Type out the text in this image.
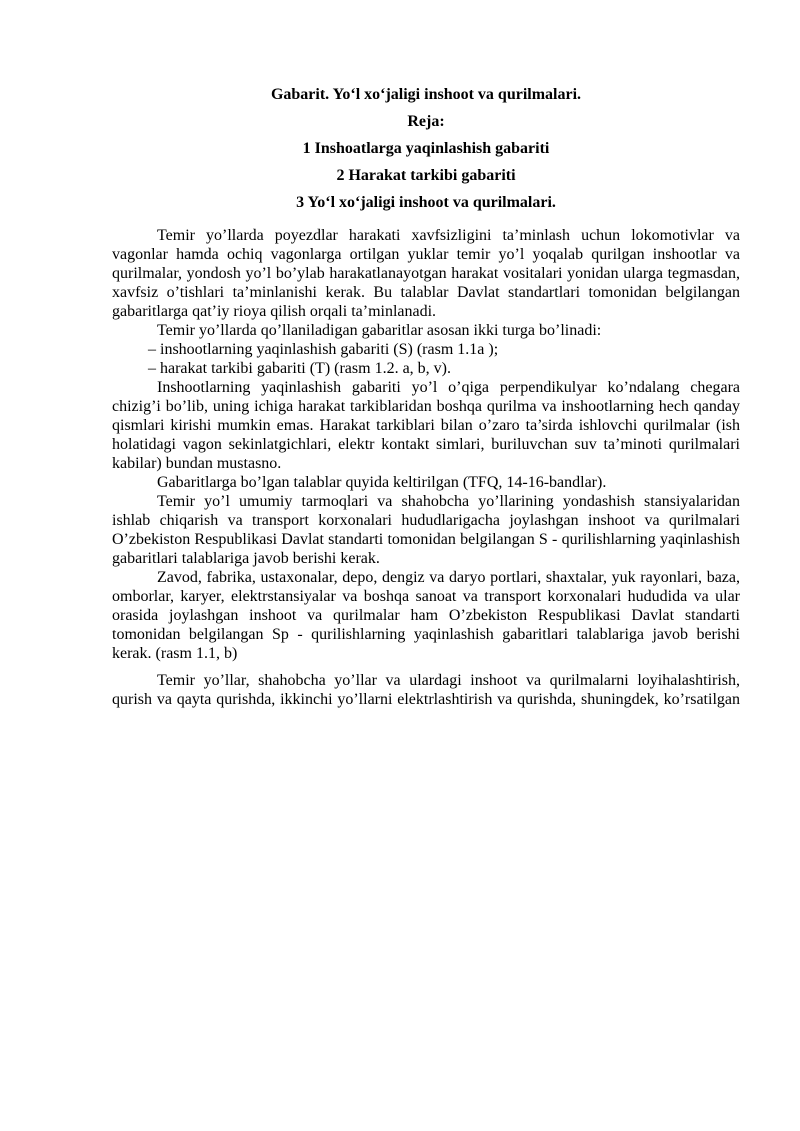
Gabarit. Yoʻl xoʻjaligi inshoot va qurilmalari.

Reja:

1 Inshoatlarga yaqinlashish gabariti

2 Harakat tarkibi gabariti

3 Yoʻl xoʻjaligi inshoot va qurilmalari.

Temir yo’llarda poyezdlar harakati xavfsizligini ta’minlash uchun lokomotivlar va vagonlar hamda ochiq vagonlarga ortilgan yuklar temir yo’l yoqalab qurilgan inshootlar va qurilmalar, yondosh yo’l bo’ylab harakatlanayotgan harakat vositalari yonidan ularga tegmasdan, xavfsiz o’tishlari ta’minlanishi kerak. Bu talablar Davlat standartlari tomonidan belgilangan gabaritlarga qat’iy rioya qilish orqali ta’minlanadi.

Temir yo’llarda qo’llaniladigan gabaritlar asosan ikki turga bo’linadi:

– inshootlarning yaqinlashish gabariti (S) (rasm 1.1a );

– harakat tarkibi gabariti (T) (rasm 1.2. a, b, v).

Inshootlarning yaqinlashish gabariti yo’l o’qiga perpendikulyar ko’ndalang chegara chizig’i bo’lib, uning ichiga harakat tarkiblaridan boshqa qurilma va inshootlarning hech qanday qismlari kirishi mumkin emas. Harakat tarkiblari bilan o’zaro ta’sirda ishlovchi qurilmalar (ish holatidagi vagon sekinlatgichlari, elektr kontakt simlari, buriluvchan suv ta’minoti qurilmalari kabilar) bundan mustasno.

Gabaritlarga bo’lgan talablar quyida keltirilgan (TFQ, 14-16-bandlar).

Temir yo’l umumiy tarmoqlari va shahobcha yo’llarining yondashish stansiyalaridan ishlab chiqarish va transport korxonalari hududlarigacha joylashgan inshoot va qurilmalari O’zbekiston Respublikasi Davlat standarti tomonidan belgilangan S - qurilishlarning yaqinlashish gabaritlari talablariga javob berishi kerak.

Zavod, fabrika, ustaxonalar, depo, dengiz va daryo portlari, shaxtalar, yuk rayonlari, baza, omborlar, karyer, elektrstansiyalar va boshqa sanoat va transport korxonalari hududida va ular orasida joylashgan inshoot va qurilmalar ham O’zbekiston Respublikasi Davlat standarti tomonidan belgilangan Sp - qurilishlarning yaqinlashish gabaritlari talablariga javob berishi kerak. (rasm 1.1, b)

Temir yo’llar, shahobcha yo’llar va ulardagi inshoot va qurilmalarni loyihalashtirish, qurish va qayta qurishda, ikkinchi yo’llarni elektrlashtirish va qurishda, shuningdek, ko’rsatilgan
